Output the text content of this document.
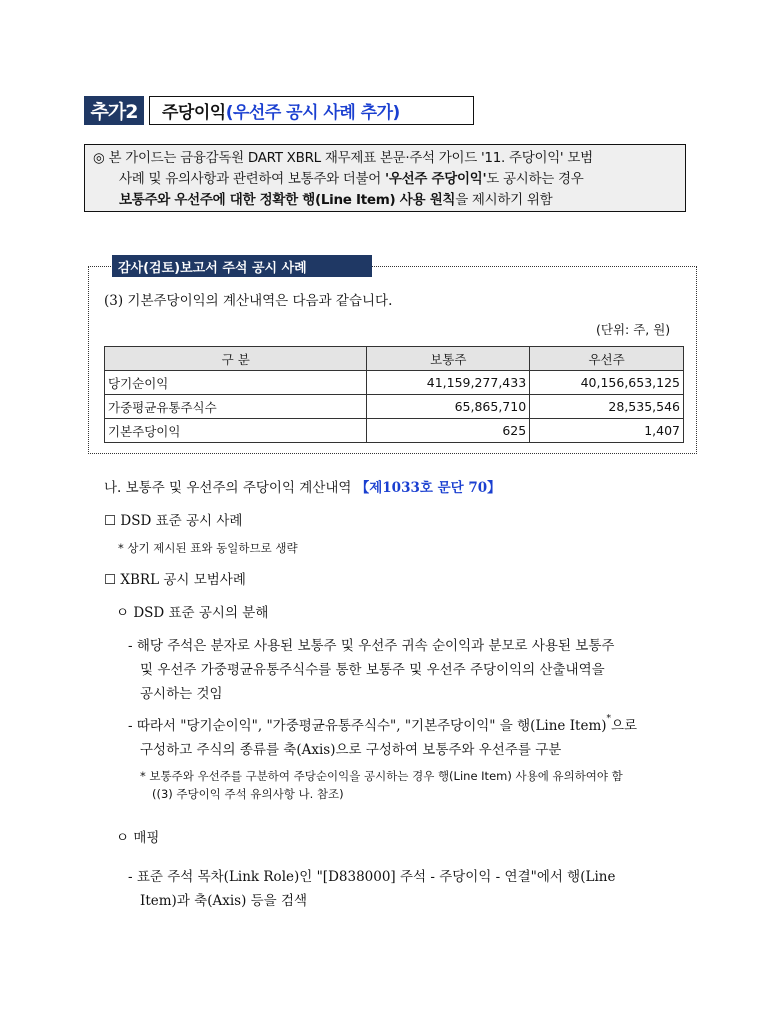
추가2	주당이익 (우선주 공시 사례 추가)
◎ 본 가이드는 금융감독원 DART XBRL 재무제표 본문·주석 가이드 '11. 주당이익' 모범
사례 및 유의사항과 관련하여 보통주와 더불어 '우선주 주당이익'도 공시하는 경우
보통주와 우선주에 대한 정확한 행(Line Item) 사용 원칙을 제시하기 위함
감사(검토)보고서 주석 공시 사례
(3) 기본주당이익의 계산내역은 다음과 같습니다.
(단위: 주, 원)
구 분	보통주	우선주
당기순이익	41,159,277,433	40,156,653,125
가중평균유통주식수	65,865,710	28,535,546
기본주당이익	625	1,407
나. 보통주 및 우선주의 주당이익 계산내역 【제1033호 문단 70】
☐ DSD 표준 공시 사례
* 상기 제시된 표와 동일하므로 생략
☐ XBRL 공시 모범사례
ㅇ DSD 표준 공시의 분해
- 해당 주석은 분자로 사용된 보통주 및 우선주 귀속 순이익과 분모로 사용된 보통주
및 우선주 가중평균유통주식수를 통한 보통주 및 우선주 주당이익의 산출내역을
공시하는 것임
- 따라서 "당기순이익", "가중평균유통주식수", "기본주당이익" 을 행(Line Item)*으로
구성하고 주식의 종류를 축(Axis)으로 구성하여 보통주와 우선주를 구분
* 보통주와 우선주를 구분하여 주당순이익을 공시하는 경우 행(Line Item) 사용에 유의하여야 함
((3) 주당이익 주석 유의사항 나. 참조)
ㅇ 매핑
- 표준 주석 목차(Link Role)인 "[D838000] 주석 - 주당이익 - 연결"에서 행(Line
Item)과 축(Axis) 등을 검색
